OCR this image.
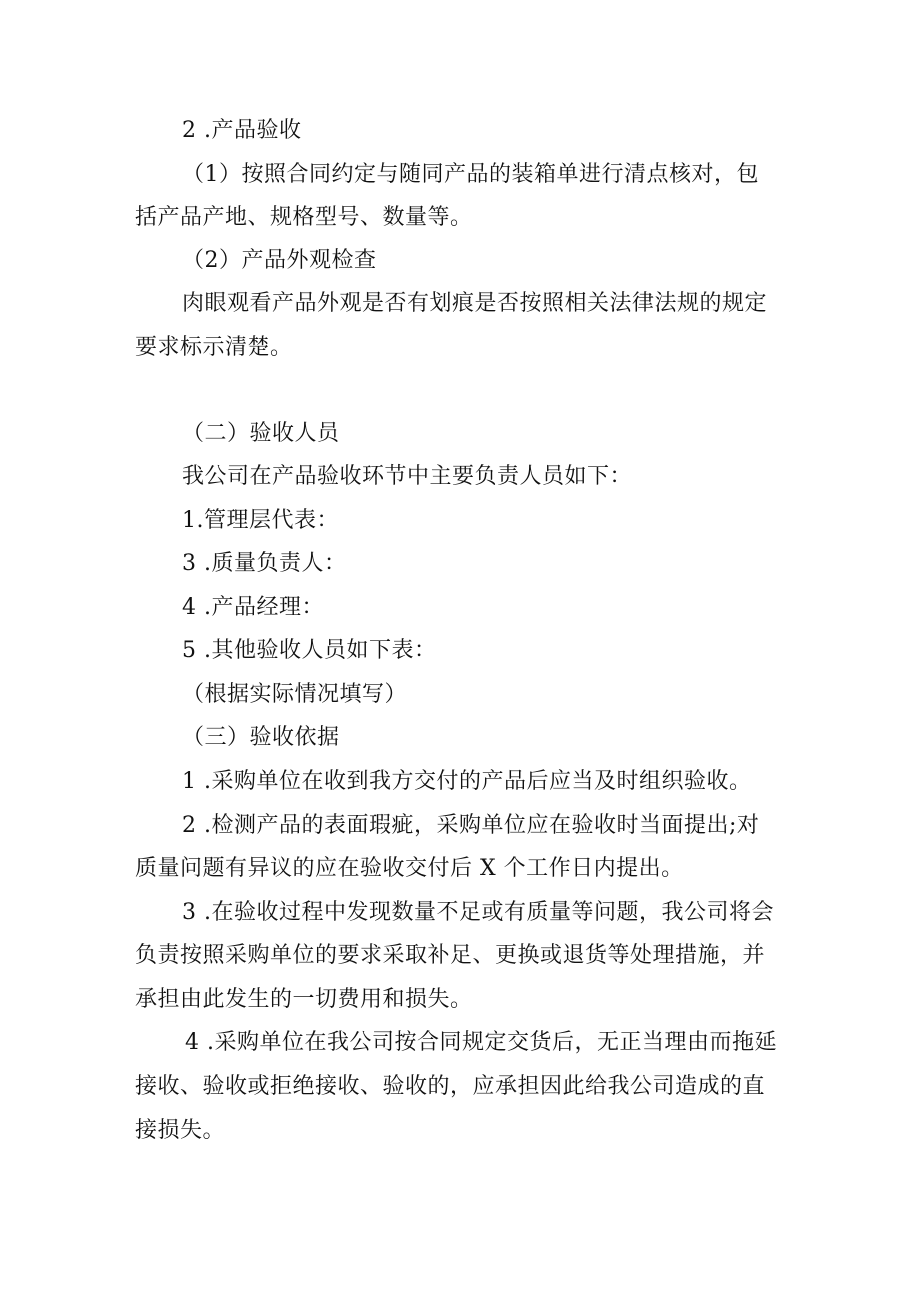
2 .产品验收
（1）按照合同约定与随同产品的装箱单进行清点核对，包
括产品产地、规格型号、数量等。
（2）产品外观检查
肉眼观看产品外观是否有划痕是否按照相关法律法规的规定
要求标示清楚。
（二）验收人员
我公司在产品验收环节中主要负责人员如下：
1.管理层代表：
3 .质量负责人：
4 .产品经理：
5 .其他验收人员如下表：
（根据实际情况填写）
（三）验收依据
1 .采购单位在收到我方交付的产品后应当及时组织验收。
2 .检测产品的表面瑕疵，采购单位应在验收时当面提出;对
质量问题有异议的应在验收交付后 X 个工作日内提出。
3 .在验收过程中发现数量不足或有质量等问题，我公司将会
负责按照采购单位的要求采取补足、更换或退货等处理措施，并
承担由此发生的一切费用和损失。
4 .采购单位在我公司按合同规定交货后，无正当理由而拖延
接收、验收或拒绝接收、验收的，应承担因此给我公司造成的直
接损失。
